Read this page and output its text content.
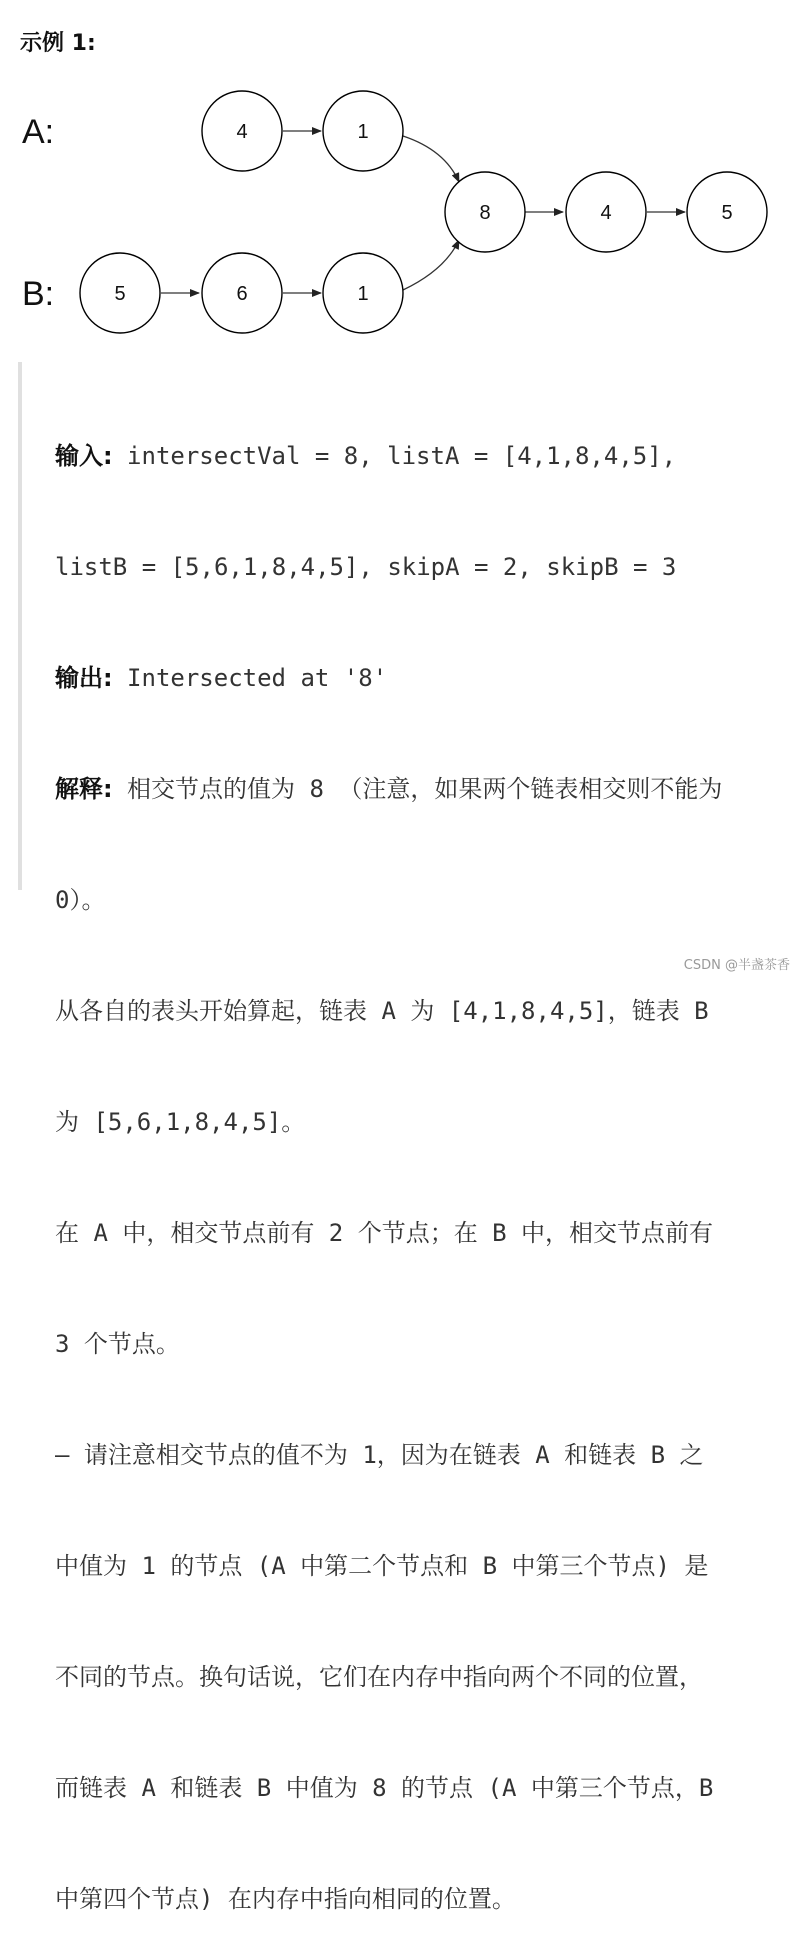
示例 1:
A:
B:
4	1
5	6	1
8	4	5

输入: intersectVal = 8, listA = [4,1,8,4,5],

listB = [5,6,1,8,4,5], skipA = 2, skipB = 3

输出: Intersected at '8'

解释: 相交节点的值为 8 （注意，如果两个链表相交则不能为

0）。

从各自的表头开始算起，链表 A 为 [4,1,8,4,5]，链表 B

为 [5,6,1,8,4,5]。

在 A 中，相交节点前有 2 个节点；在 B 中，相交节点前有

3 个节点。

— 请注意相交节点的值不为 1，因为在链表 A 和链表 B 之

中值为 1 的节点 (A 中第二个节点和 B 中第三个节点) 是

不同的节点。换句话说，它们在内存中指向两个不同的位置，

而链表 A 和链表 B 中值为 8 的节点 (A 中第三个节点，B

中第四个节点) 在内存中指向相同的位置。

CSDN @半盏茶香
